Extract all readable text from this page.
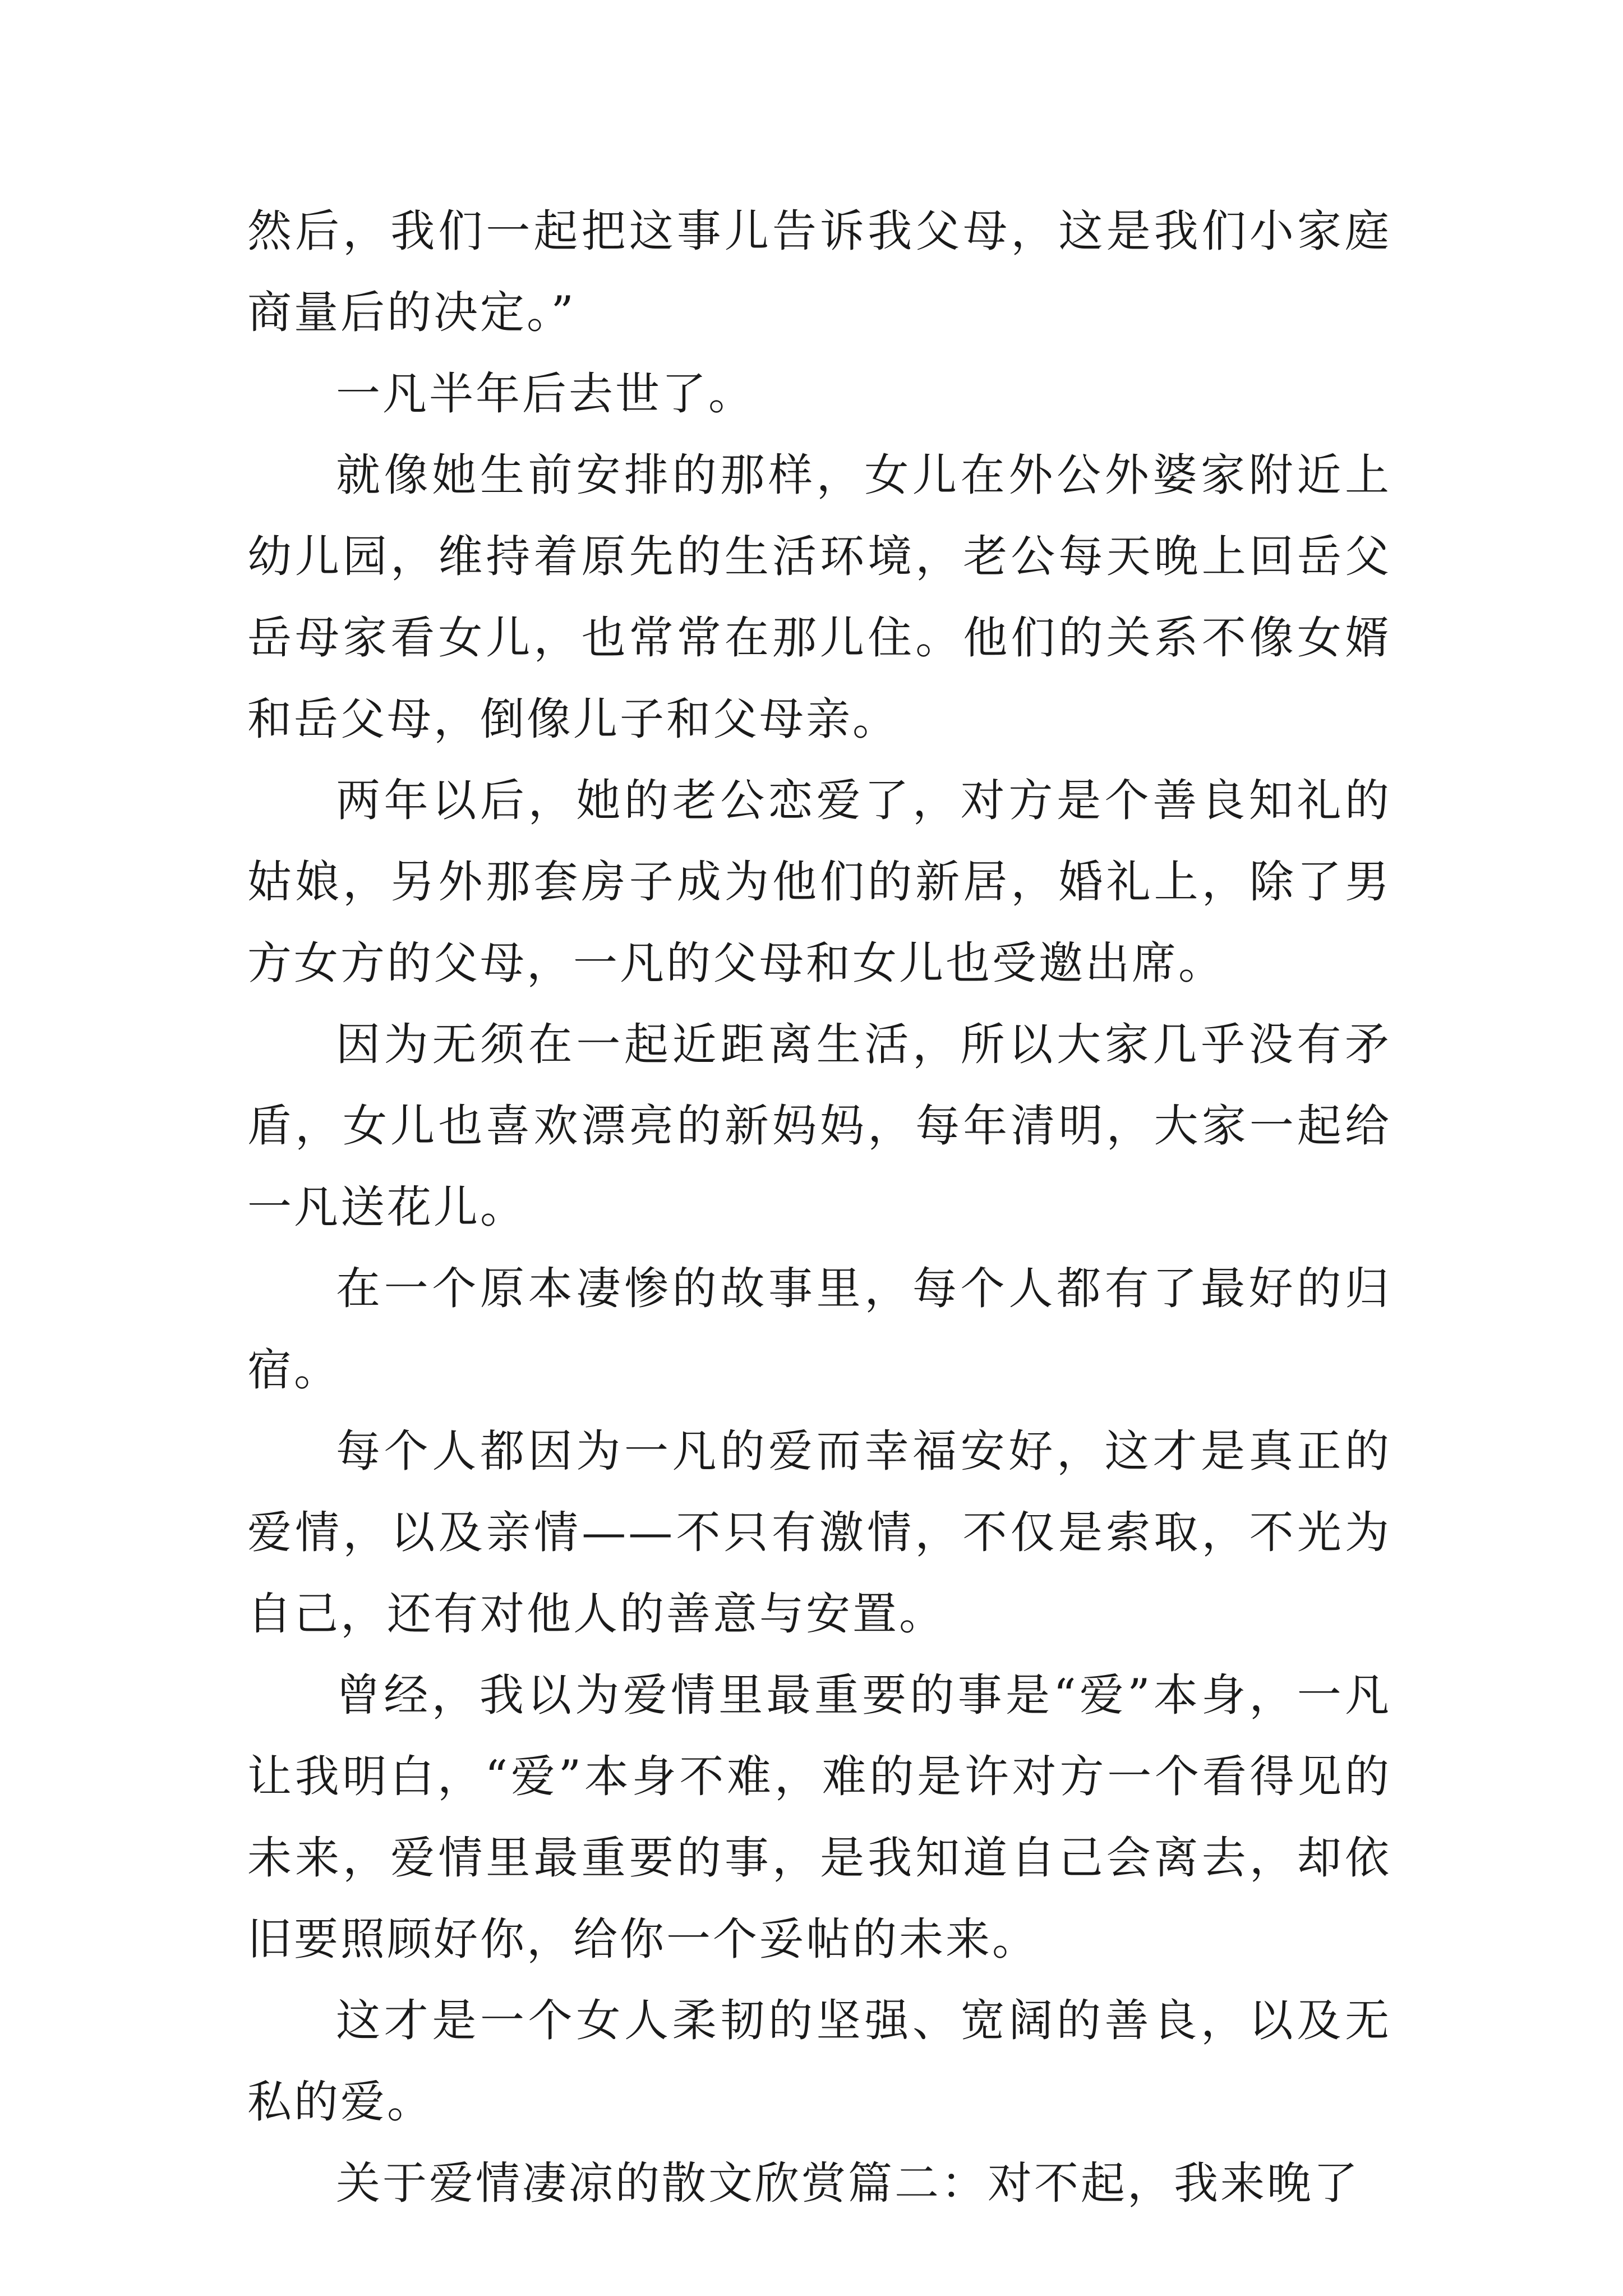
然后，我们一起把这事儿告诉我父母，这是我们小家庭商量后的决定。”

一凡半年后去世了。

就像她生前安排的那样，女儿在外公外婆家附近上幼儿园，维持着原先的生活环境，老公每天晚上回岳父岳母家看女儿，也常常在那儿住。他们的关系不像女婿和岳父母，倒像儿子和父母亲。

两年以后，她的老公恋爱了，对方是个善良知礼的姑娘，另外那套房子成为他们的新居，婚礼上，除了男方女方的父母，一凡的父母和女儿也受邀出席。

因为无须在一起近距离生活，所以大家几乎没有矛盾，女儿也喜欢漂亮的新妈妈，每年清明，大家一起给一凡送花儿。

在一个原本凄惨的故事里，每个人都有了最好的归宿。

每个人都因为一凡的爱而幸福安好，这才是真正的爱情，以及亲情——不只有激情，不仅是索取，不光为自己，还有对他人的善意与安置。

曾经，我以为爱情里最重要的事是“爱”本身，一凡让我明白，“爱”本身不难，难的是许对方一个看得见的未来，爱情里最重要的事，是我知道自己会离去，却依旧要照顾好你，给你一个妥帖的未来。

这才是一个女人柔韧的坚强、宽阔的善良，以及无私的爱。

关于爱情凄凉的散文欣赏篇二：对不起，我来晚了
